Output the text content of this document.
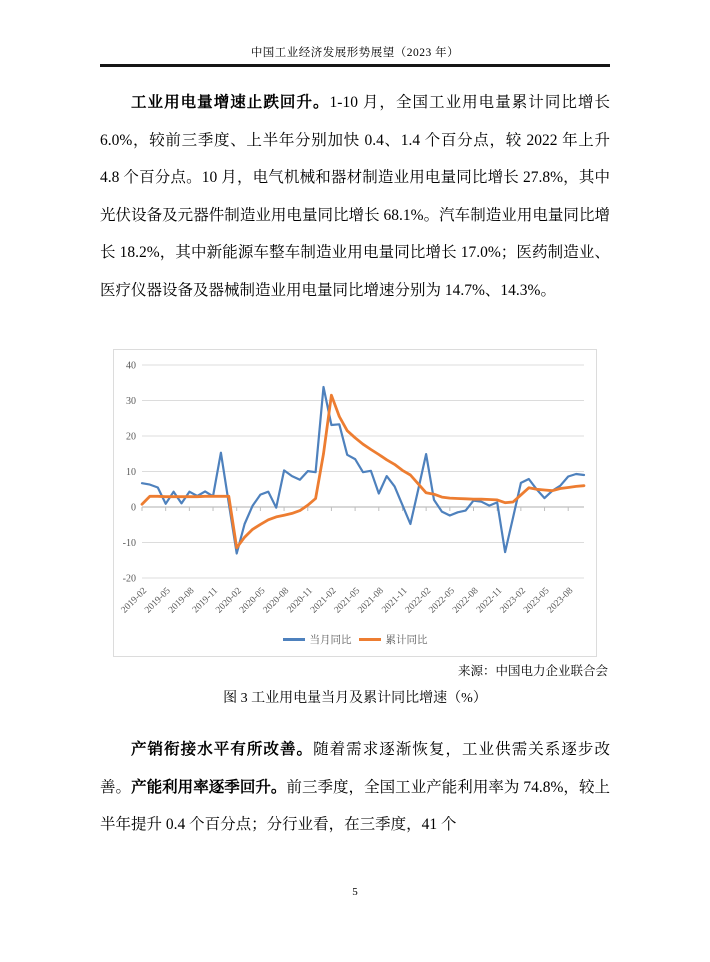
中国工业经济发展形势展望（2023 年）
工业用电量增速止跌回升。1-10 月，全国工业用电量累计同比增长 6.0%，较前三季度、上半年分别加快 0.4、1.4 个百分点，较 2022 年上升 4.8 个百分点。10 月，电气机械和器材制造业用电量同比增长 27.8%，其中光伏设备及元器件制造业用电量同比增长 68.1%。汽车制造业用电量同比增长 18.2%，其中新能源车整车制造业用电量同比增长 17.0%；医药制造业、医疗仪器设备及器械制造业用电量同比增速分别为 14.7%、14.3%。
-20
-10
0
10
20
30
40
2019-02
2019-05
2019-08
2019-11
2020-02
2020-05
2020-08
2020-11
2021-02
2021-05
2021-08
2021-11
2022-02
2022-05
2022-08
2022-11
2023-02
2023-05
2023-08
当月同比	累计同比
来源：中国电力企业联合会
图 3 工业用电量当月及累计同比增速（%）
产销衔接水平有所改善。随着需求逐渐恢复，工业供需关系逐步改善。产能利用率逐季回升。前三季度，全国工业产能利用率为 74.8%，较上半年提升 0.4 个百分点；分行业看，在三季度，41 个
5
